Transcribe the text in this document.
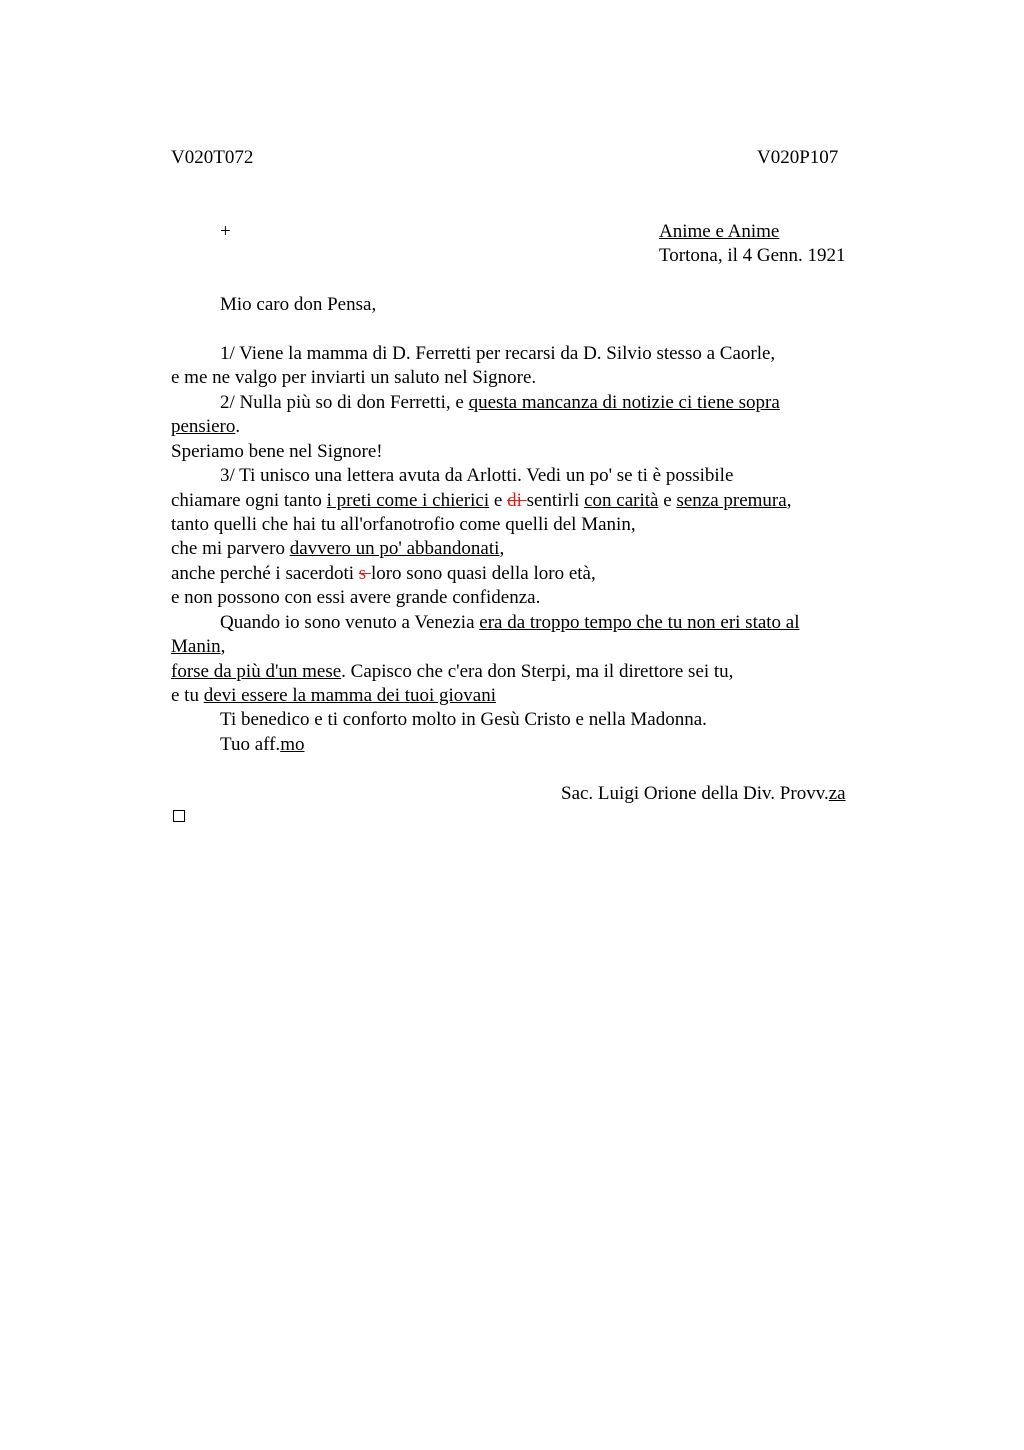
V020T072	V020P107
+	Anime e Anime
Tortona, il 4 Genn. 1921
Mio caro don Pensa,
1/ Viene la mamma di D. Ferretti per recarsi da D. Silvio stesso a Caorle,
e me ne valgo per inviarti un saluto nel Signore.
2/ Nulla più so di don Ferretti, e questa mancanza di notizie ci tiene sopra
pensiero.
Speriamo bene nel Signore!
3/ Ti unisco una lettera avuta da Arlotti. Vedi un po' se ti è possibile
chiamare ogni tanto i preti come i chierici e di sentirli con carità e senza premura,
tanto quelli che hai tu all'orfanotrofio come quelli del Manin,
che mi parvero davvero un po' abbandonati,
anche perché i sacerdoti s loro sono quasi della loro età,
e non possono con essi avere grande confidenza.
Quando io sono venuto a Venezia era da troppo tempo che tu non eri stato al
Manin,
forse da più d'un mese. Capisco che c'era don Sterpi, ma il direttore sei tu,
e tu devi essere la mamma dei tuoi giovani
Ti benedico e ti conforto molto in Gesù Cristo e nella Madonna.
Tuo aff.mo
Sac. Luigi Orione della Div. Provv.za
